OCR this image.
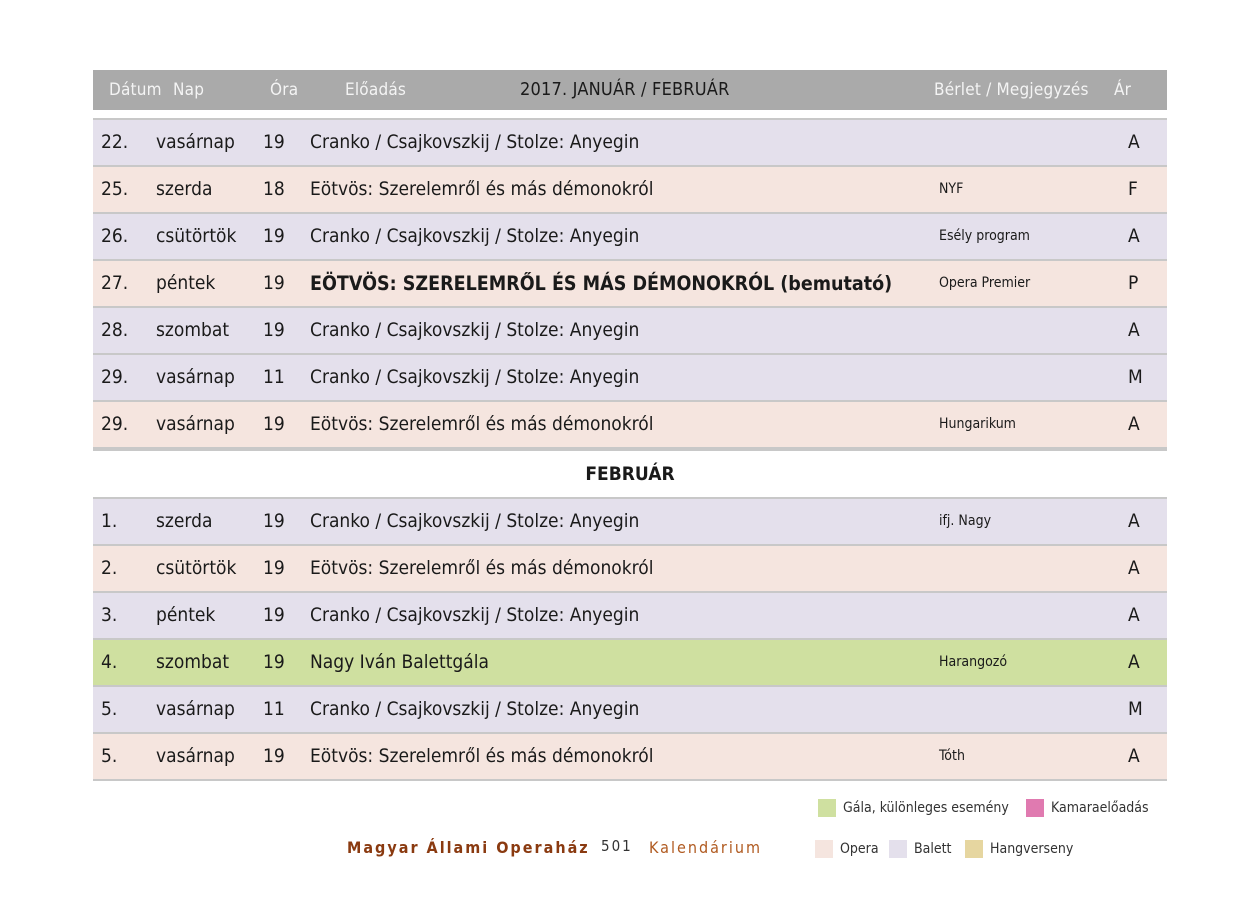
Dátum Nap	Óra	Előadás	2017. JANUÁR / FEBRUÁR	Bérlet / Megjegyzés Ár
22. vasárnap 19 Cranko / Csajkovszkij / Stolze: Anyegin	A
25. szerda	18 Eötvös: Szerelemről és más démonokról	NYF	F
26. csütörtök 19 Cranko / Csajkovszkij / Stolze: Anyegin	Esély program	A
27. péntek	19 EÖTVÖS: SZERELEMRŐL ÉS MÁS DÉMONOKRÓL (bemutató)	Opera Premier	P
28. szombat 19 Cranko / Csajkovszkij / Stolze: Anyegin	A
29. vasárnap 11 Cranko / Csajkovszkij / Stolze: Anyegin	M
29. vasárnap 19 Eötvös: Szerelemről és más démonokról	Hungarikum	A
FEBRUÁR
1. szerda	19 Cranko / Csajkovszkij / Stolze: Anyegin	ifj. Nagy	A
2. csütörtök 19 Eötvös: Szerelemről és más démonokról	A
3. péntek	19 Cranko / Csajkovszkij / Stolze: Anyegin	A
4. szombat 19 Nagy Iván Balettgála	Harangozó	A
5. vasárnap 11 Cranko / Csajkovszkij / Stolze: Anyegin	M
5. vasárnap 19 Eötvös: Szerelemről és más démonokról	Tóth	A
Magyar Állami Operaház 501 Kalendárium
Gála, különleges esemény	Kamaraelőadás
Opera	Balett	Hangverseny
